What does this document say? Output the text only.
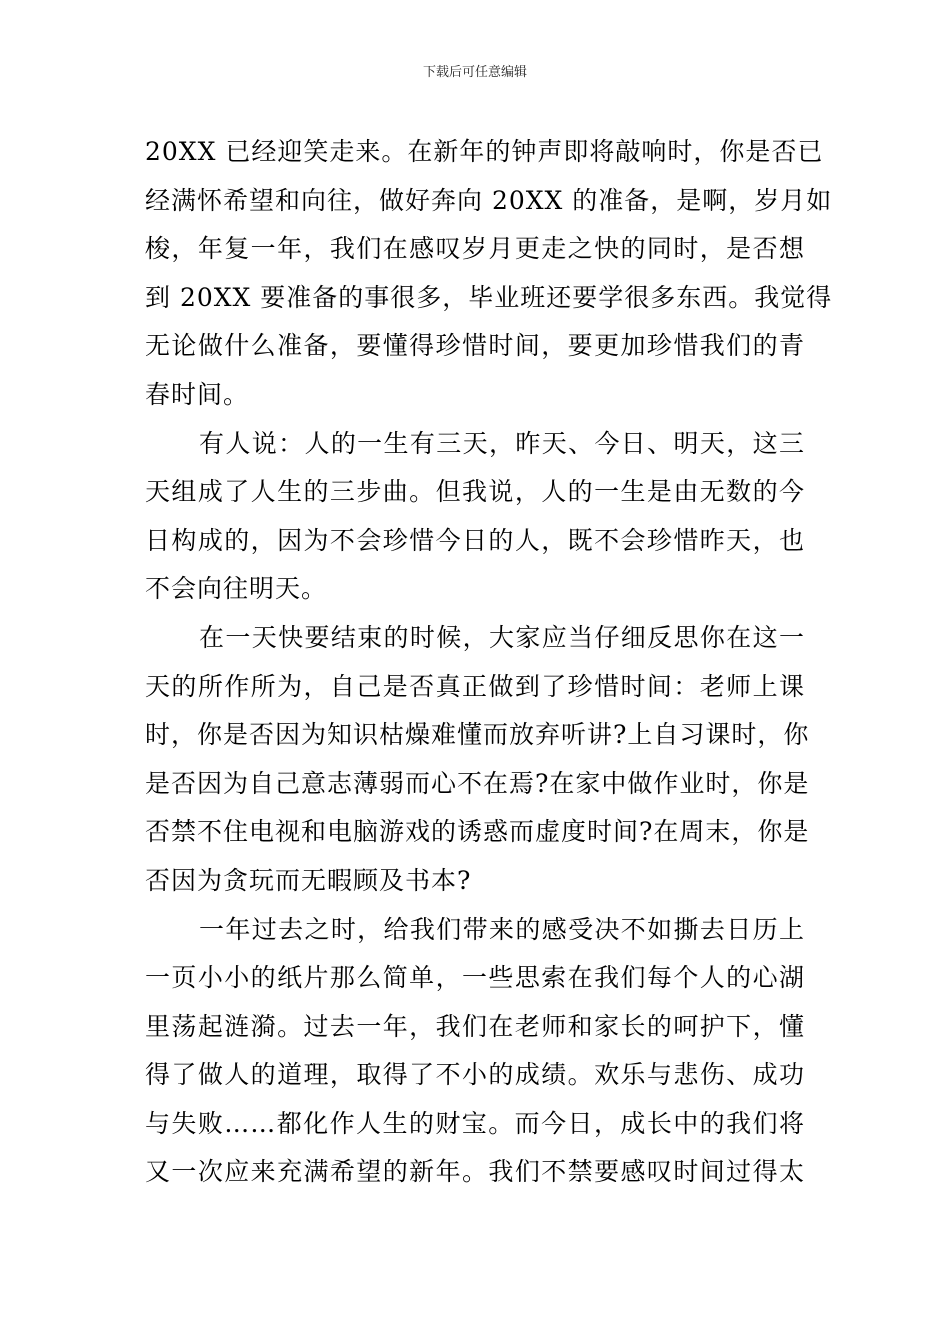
下载后可任意编辑
20XX 已经迎笑走来。在新年的钟声即将敲响时，你是否已
经满怀希望和向往，做好奔向 20XX 的准备，是啊，岁月如
梭，年复一年，我们在感叹岁月更走之快的同时，是否想
到 20XX 要准备的事很多，毕业班还要学很多东西。我觉得
无论做什么准备，要懂得珍惜时间，要更加珍惜我们的青
春时间。
有人说：人的一生有三天，昨天、今日、明天，这三
天组成了人生的三步曲。但我说，人的一生是由无数的今
日构成的，因为不会珍惜今日的人，既不会珍惜昨天，也
不会向往明天。
在一天快要结束的时候，大家应当仔细反思你在这一
天的所作所为，自己是否真正做到了珍惜时间：老师上课
时，你是否因为知识枯燥难懂而放弃听讲?上自习课时，你
是否因为自己意志薄弱而心不在焉?在家中做作业时，你是
否禁不住电视和电脑游戏的诱惑而虚度时间?在周末，你是
否因为贪玩而无暇顾及书本?
一年过去之时，给我们带来的感受决不如撕去日历上
一页小小的纸片那么简单，一些思索在我们每个人的心湖
里荡起涟漪。过去一年，我们在老师和家长的呵护下，懂
得了做人的道理，取得了不小的成绩。欢乐与悲伤、成功
与失败……都化作人生的财宝。而今日，成长中的我们将
又一次应来充满希望的新年。我们不禁要感叹时间过得太
